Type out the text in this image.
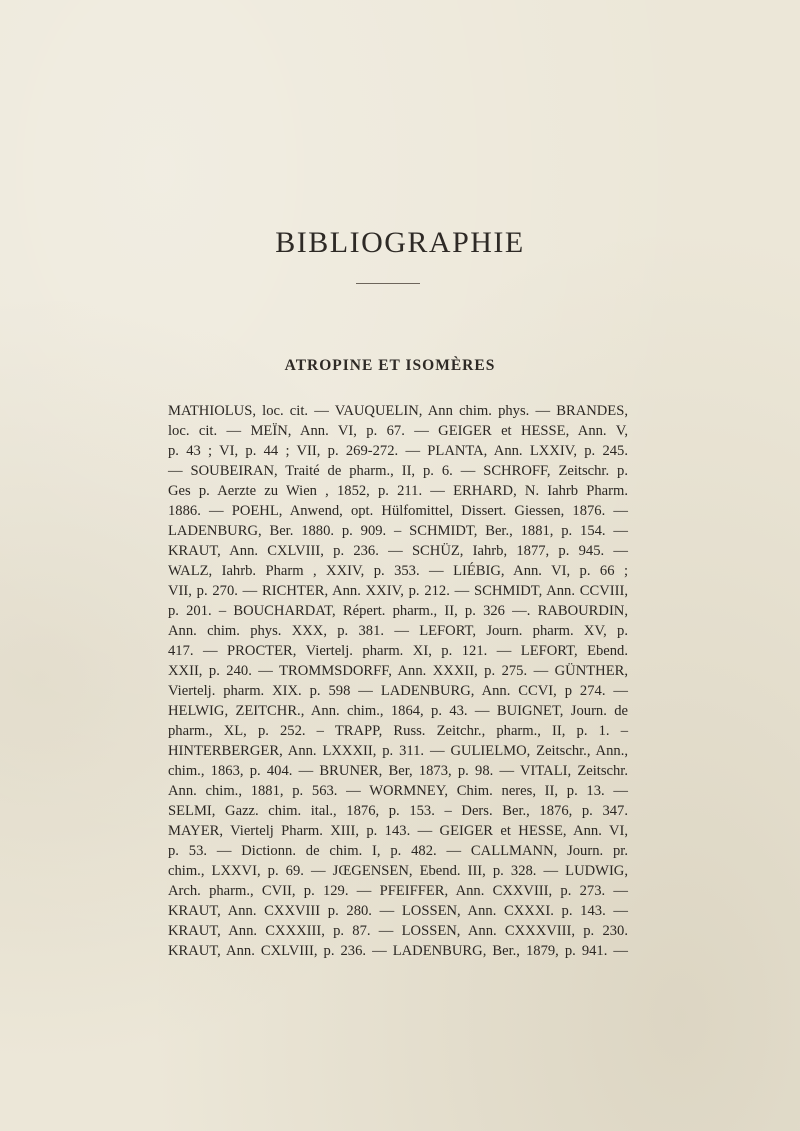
BIBLIOGRAPHIE
ATROPINE ET ISOMÈRES
MATHIOLUS, loc. cit. — VAUQUELIN, Ann chim. phys. — BRANDES,
loc. cit. — MEÏN, Ann. VI, p. 67. — GEIGER et HESSE, Ann. V,
p. 43 ; VI, p. 44 ; VII, p. 269-272. — PLANTA, Ann. LXXIV, p. 245.
— SOUBEIRAN, Traité de pharm., II, p. 6. — SCHROFF, Zeitschr. p.
Ges p. Aerzte zu Wien , 1852, p. 211. — ERHARD, N. Iahrb Pharm.
1886. — POEHL, Anwend, opt. Hülfomittel, Dissert. Giessen, 1876. —
LADENBURG, Ber. 1880. p. 909. – SCHMIDT, Ber., 1881, p. 154. —
KRAUT, Ann. CXLVIII, p. 236. — SCHÜZ, Iahrb, 1877, p. 945. —
WALZ, Iahrb. Pharm , XXIV, p. 353. — LIÉBIG, Ann. VI, p. 66 ;
VII, p. 270. — RICHTER, Ann. XXIV, p. 212. — SCHMIDT, Ann. CCVIII,
p. 201. – BOUCHARDAT, Répert. pharm., II, p. 326 —. RABOURDIN,
Ann. chim. phys. XXX, p. 381. — LEFORT, Journ. pharm. XV, p.
417. — PROCTER, Viertelj. pharm. XI, p. 121. — LEFORT, Ebend.
XXII, p. 240. — TROMMSDORFF, Ann. XXXII, p. 275. — GÜNTHER,
Viertelj. pharm. XIX. p. 598 — LADENBURG, Ann. CCVI, p 274. —
HELWIG, ZEITCHR., Ann. chim., 1864, p. 43. — BUIGNET, Journ. de
pharm., XL, p. 252. – TRAPP, Russ. Zeitchr., pharm., II, p. 1. –
HINTERBERGER, Ann. LXXXII, p. 311. — GULIELMO, Zeitschr., Ann.,
chim., 1863, p. 404. — BRUNER, Ber, 1873, p. 98. — VITALI, Zeitschr.
Ann. chim., 1881, p. 563. — WORMNEY, Chim. neres, II, p. 13. —
SELMI, Gazz. chim. ital., 1876, p. 153. – Ders. Ber., 1876, p. 347.
MAYER, Viertelj Pharm. XIII, p. 143. — GEIGER et HESSE, Ann. VI,
p. 53. — Dictionn. de chim. I, p. 482. — CALLMANN, Journ. pr.
chim., LXXVI, p. 69. — JŒGENSEN, Ebend. III, p. 328. — LUDWIG,
Arch. pharm., CVII, p. 129. — PFEIFFER, Ann. CXXVIII, p. 273. —
KRAUT, Ann. CXXVIII p. 280. — LOSSEN, Ann. CXXXI. p. 143. —
KRAUT, Ann. CXXXIII, p. 87. — LOSSEN, Ann. CXXXVIII, p. 230.
KRAUT, Ann. CXLVIII, p. 236. — LADENBURG, Ber., 1879, p. 941. —
